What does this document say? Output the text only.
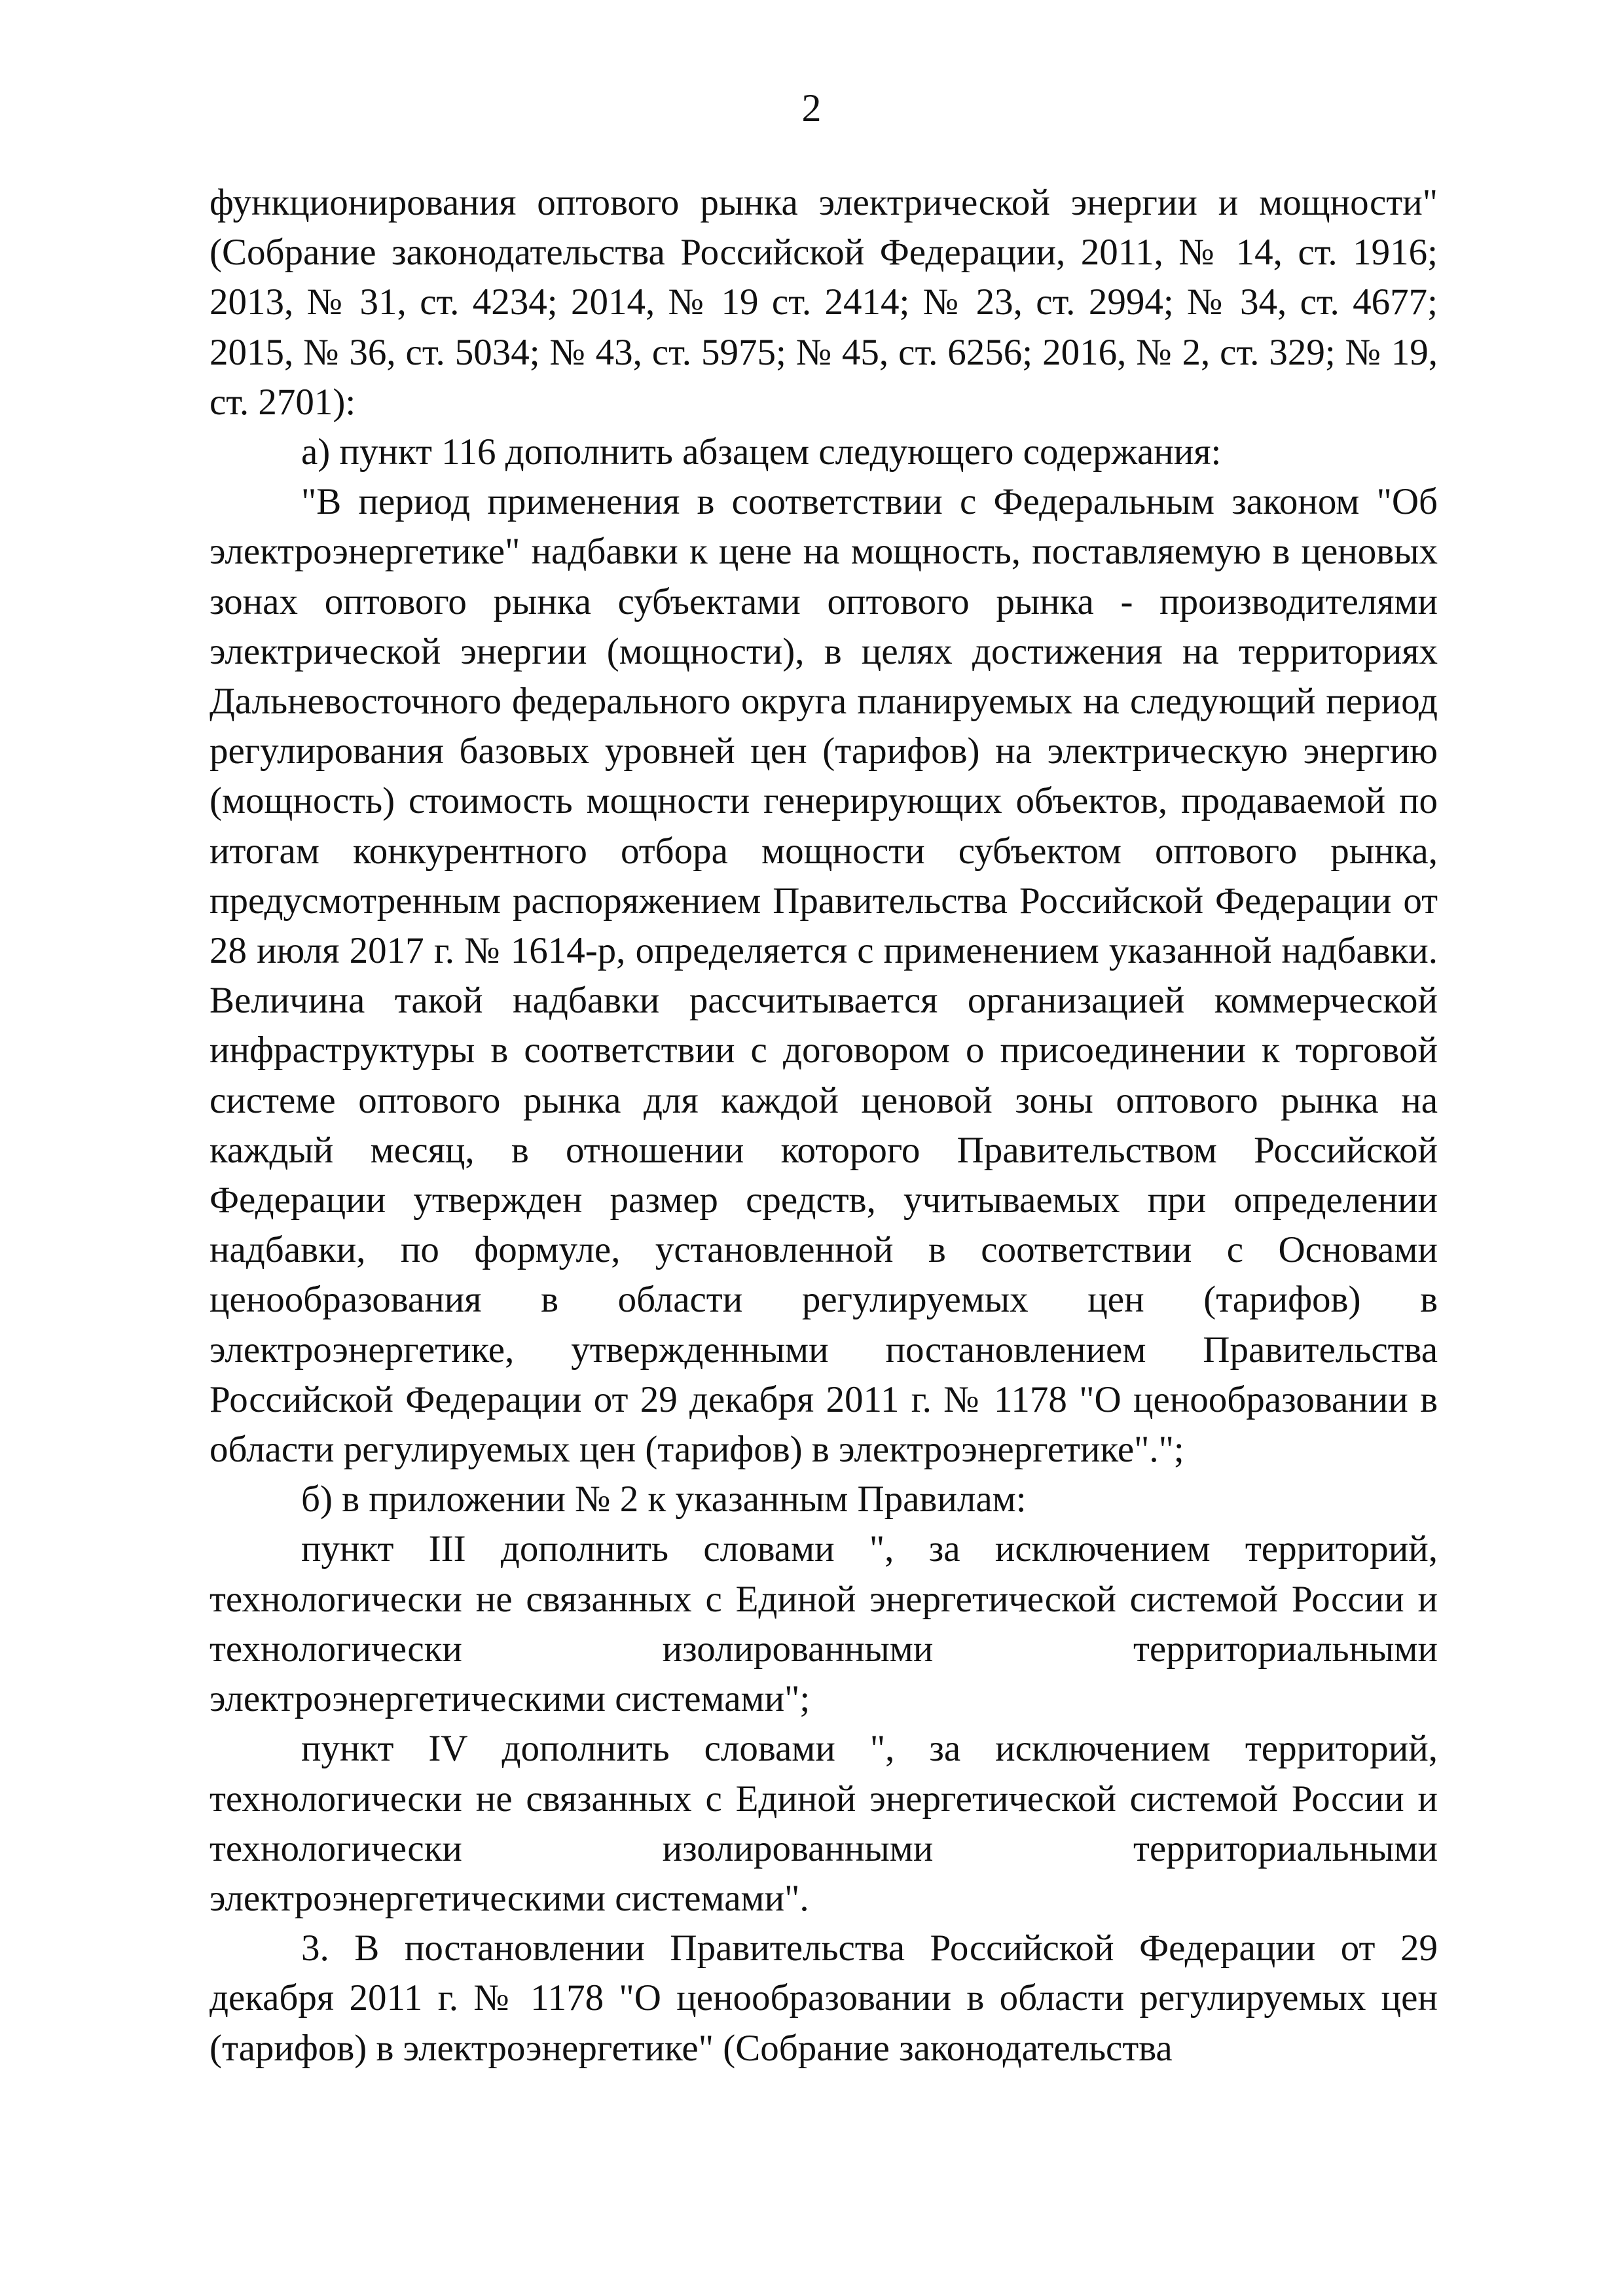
2

функционирования оптового рынка электрической энергии и мощности" (Собрание законодательства Российской Федерации, 2011, № 14, ст. 1916; 2013, № 31, ст. 4234; 2014, № 19 ст. 2414; № 23, ст. 2994; № 34, ст. 4677; 2015, № 36, ст. 5034; № 43, ст. 5975; № 45, ст. 6256; 2016, № 2, ст. 329; № 19, ст. 2701):

а) пункт 116 дополнить абзацем следующего содержания:

"В период применения в соответствии с Федеральным законом "Об электроэнергетике" надбавки к цене на мощность, поставляемую в ценовых зонах оптового рынка субъектами оптового рынка - производителями электрической энергии (мощности), в целях достижения на территориях Дальневосточного федерального округа планируемых на следующий период регулирования базовых уровней цен (тарифов) на электрическую энергию (мощность) стоимость мощности генерирующих объектов, продаваемой по итогам конкурентного отбора мощности субъектом оптового рынка, предусмотренным распоряжением Правительства Российской Федерации от 28 июля 2017 г. № 1614-р, определяется с применением указанной надбавки. Величина такой надбавки рассчитывается организацией коммерческой инфраструктуры в соответствии с договором о присоединении к торговой системе оптового рынка для каждой ценовой зоны оптового рынка на каждый месяц, в отношении которого Правительством Российской Федерации утвержден размер средств, учитываемых при определении надбавки, по формуле, установленной в соответствии с Основами ценообразования в области регулируемых цен (тарифов) в электроэнергетике, утвержденными постановлением Правительства Российской Федерации от 29 декабря 2011 г. № 1178 "О ценообразовании в области регулируемых цен (тарифов) в электроэнергетике".";

б) в приложении № 2 к указанным Правилам:

пункт III дополнить словами ", за исключением территорий, технологически не связанных с Единой энергетической системой России и технологически изолированными территориальными электроэнергетическими системами";

пункт IV дополнить словами ", за исключением территорий, технологически не связанных с Единой энергетической системой России и технологически изолированными территориальными электроэнергетическими системами".

3. В постановлении Правительства Российской Федерации от 29 декабря 2011 г. № 1178 "О ценообразовании в области регулируемых цен (тарифов) в электроэнергетике" (Собрание законодательства
